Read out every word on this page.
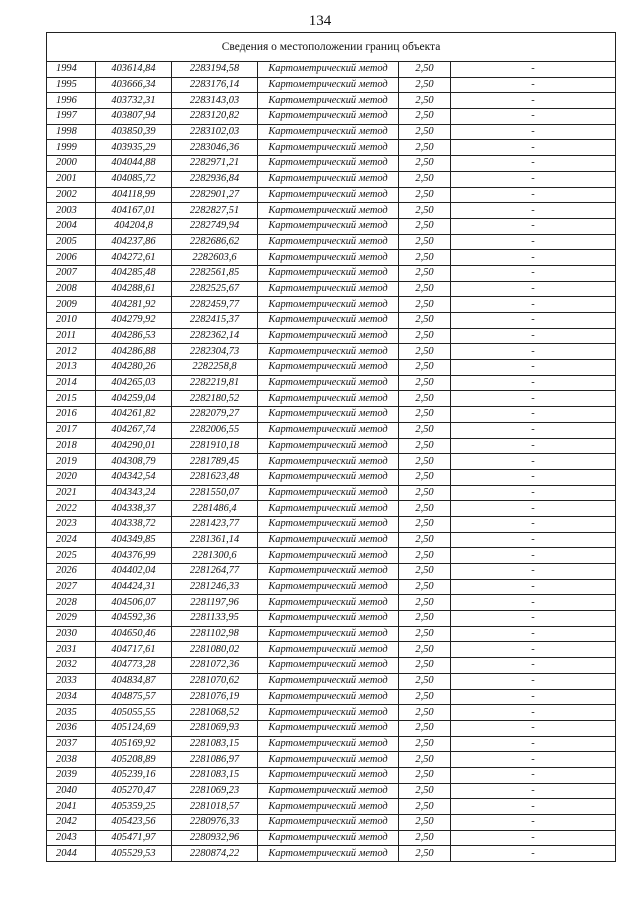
134
Сведения о местоположении границ объекта					
1994	403614,84	2283194,58	Картометрический метод	2,50	-
1995	403666,34	2283176,14	Картометрический метод	2,50	-
1996	403732,31	2283143,03	Картометрический метод	2,50	-
1997	403807,94	2283120,82	Картометрический метод	2,50	-
1998	403850,39	2283102,03	Картометрический метод	2,50	-
1999	403935,29	2283046,36	Картометрический метод	2,50	-
2000	404044,88	2282971,21	Картометрический метод	2,50	-
2001	404085,72	2282936,84	Картометрический метод	2,50	-
2002	404118,99	2282901,27	Картометрический метод	2,50	-
2003	404167,01	2282827,51	Картометрический метод	2,50	-
2004	404204,8	2282749,94	Картометрический метод	2,50	-
2005	404237,86	2282686,62	Картометрический метод	2,50	-
2006	404272,61	2282603,6	Картометрический метод	2,50	-
2007	404285,48	2282561,85	Картометрический метод	2,50	-
2008	404288,61	2282525,67	Картометрический метод	2,50	-
2009	404281,92	2282459,77	Картометрический метод	2,50	-
2010	404279,92	2282415,37	Картометрический метод	2,50	-
2011	404286,53	2282362,14	Картометрический метод	2,50	-
2012	404286,88	2282304,73	Картометрический метод	2,50	-
2013	404280,26	2282258,8	Картометрический метод	2,50	-
2014	404265,03	2282219,81	Картометрический метод	2,50	-
2015	404259,04	2282180,52	Картометрический метод	2,50	-
2016	404261,82	2282079,27	Картометрический метод	2,50	-
2017	404267,74	2282006,55	Картометрический метод	2,50	-
2018	404290,01	2281910,18	Картометрический метод	2,50	-
2019	404308,79	2281789,45	Картометрический метод	2,50	-
2020	404342,54	2281623,48	Картометрический метод	2,50	-
2021	404343,24	2281550,07	Картометрический метод	2,50	-
2022	404338,37	2281486,4	Картометрический метод	2,50	-
2023	404338,72	2281423,77	Картометрический метод	2,50	-
2024	404349,85	2281361,14	Картометрический метод	2,50	-
2025	404376,99	2281300,6	Картометрический метод	2,50	-
2026	404402,04	2281264,77	Картометрический метод	2,50	-
2027	404424,31	2281246,33	Картометрический метод	2,50	-
2028	404506,07	2281197,96	Картометрический метод	2,50	-
2029	404592,36	2281133,95	Картометрический метод	2,50	-
2030	404650,46	2281102,98	Картометрический метод	2,50	-
2031	404717,61	2281080,02	Картометрический метод	2,50	-
2032	404773,28	2281072,36	Картометрический метод	2,50	-
2033	404834,87	2281070,62	Картометрический метод	2,50	-
2034	404875,57	2281076,19	Картометрический метод	2,50	-
2035	405055,55	2281068,52	Картометрический метод	2,50	-
2036	405124,69	2281069,93	Картометрический метод	2,50	-
2037	405169,92	2281083,15	Картометрический метод	2,50	-
2038	405208,89	2281086,97	Картометрический метод	2,50	-
2039	405239,16	2281083,15	Картометрический метод	2,50	-
2040	405270,47	2281069,23	Картометрический метод	2,50	-
2041	405359,25	2281018,57	Картометрический метод	2,50	-
2042	405423,56	2280976,33	Картометрический метод	2,50	-
2043	405471,97	2280932,96	Картометрический метод	2,50	-
2044	405529,53	2280874,22	Картометрический метод	2,50	-
